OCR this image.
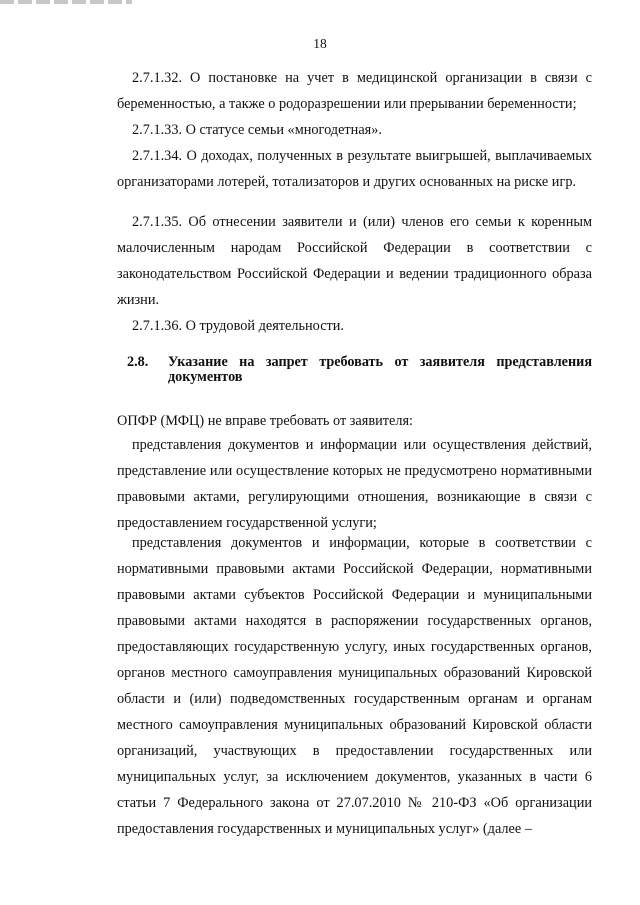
18

2.7.1.32. О постановке на учет в медицинской организации в связи с беременностью, а также о родоразрешении или прерывании беременности;

2.7.1.33. О статусе семьи «многодетная».

2.7.1.34. О доходах, полученных в результате выигрышей, выплачиваемых организаторами лотерей, тотализаторов и других основанных на риске игр.

2.7.1.35. Об отнесении заявители и (или) членов его семьи к коренным малочисленным народам Российской Федерации в соответствии с законодательством Российской Федерации и ведении традиционного образа жизни.

2.7.1.36. О трудовой деятельности.

2.8. Указание на запрет требовать от заявителя представления документов

ОПФР (МФЦ) не вправе требовать от заявителя:

представления документов и информации или осуществления действий, представление или осуществление которых не предусмотрено нормативными правовыми актами, регулирующими отношения, возникающие в связи с предоставлением государственной услуги;

представления документов и информации, которые в соответствии с нормативными правовыми актами Российской Федерации, нормативными правовыми актами субъектов Российской Федерации и муниципальными правовыми актами находятся в распоряжении государственных органов, предоставляющих государственную услугу, иных государственных органов, органов местного самоуправления муниципальных образований Кировской области и (или) подведомственных государственным органам и органам местного самоуправления муниципальных образований Кировской области организаций, участвующих в предоставлении государственных или муниципальных услуг, за исключением документов, указанных в части 6 статьи 7 Федерального закона от 27.07.2010 № 210-ФЗ «Об организации предоставления государственных и муниципальных услуг» (далее –
